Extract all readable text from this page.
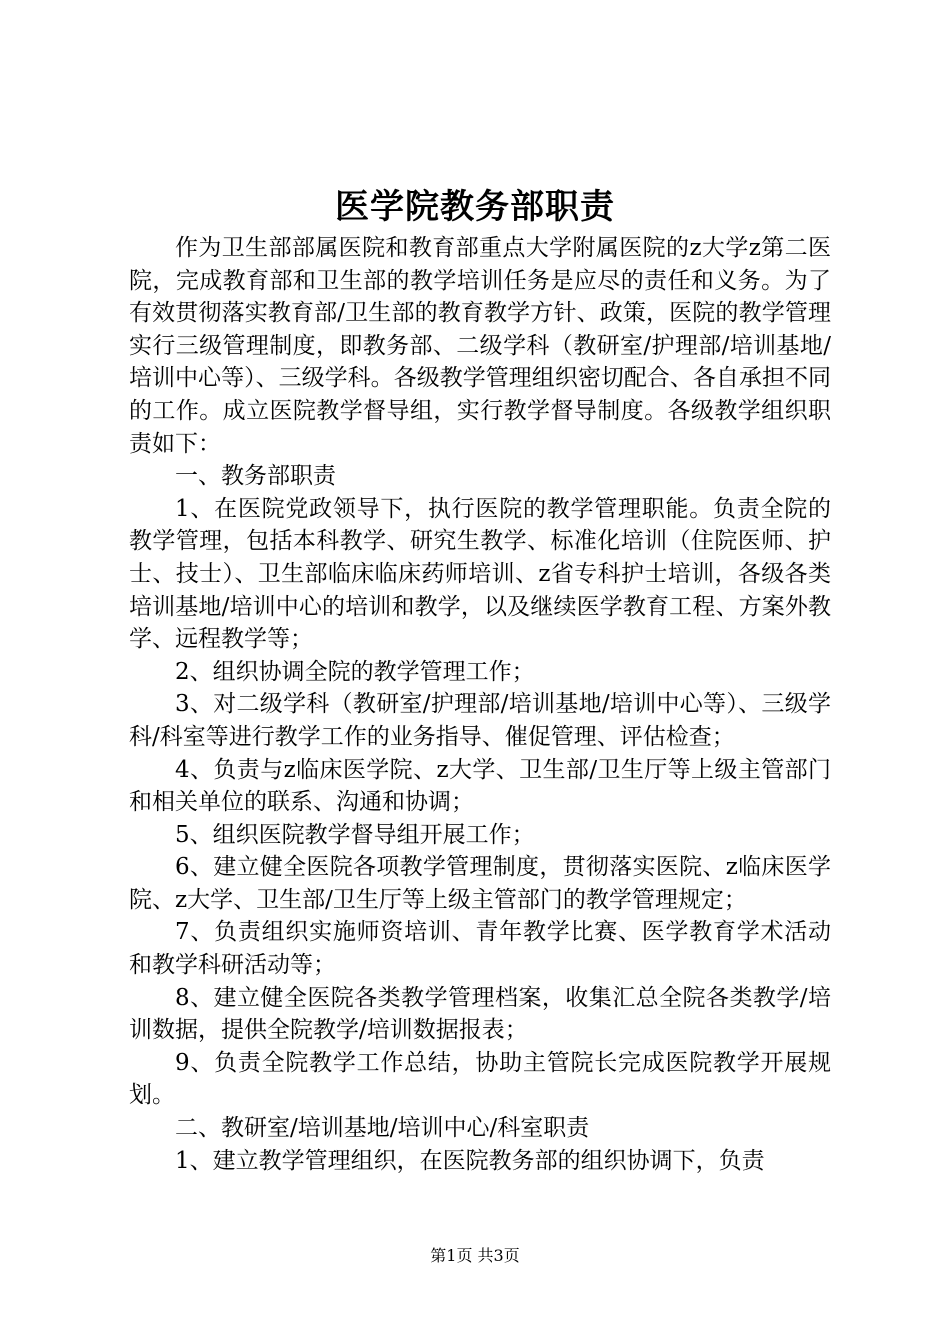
医学院教务部职责

作为卫生部部属医院和教育部重点大学附属医院的z大学z第二医院，完成教育部和卫生部的教学培训任务是应尽的责任和义务。为了有效贯彻落实教育部/卫生部的教育教学方针、政策，医院的教学管理实行三级管理制度，即教务部、二级学科（教研室/护理部/培训基地/培训中心等）、三级学科。各级教学管理组织密切配合、各自承担不同的工作。成立医院教学督导组，实行教学督导制度。各级教学组织职责如下：

一、教务部职责

1、在医院党政领导下，执行医院的教学管理职能。负责全院的教学管理，包括本科教学、研究生教学、标准化培训（住院医师、护士、技士）、卫生部临床临床药师培训、z省专科护士培训，各级各类培训基地/培训中心的培训和教学，以及继续医学教育工程、方案外教学、远程教学等；

2、组织协调全院的教学管理工作；

3、对二级学科（教研室/护理部/培训基地/培训中心等）、三级学科/科室等进行教学工作的业务指导、催促管理、评估检查；

4、负责与z临床医学院、z大学、卫生部/卫生厅等上级主管部门和相关单位的联系、沟通和协调；

5、组织医院教学督导组开展工作；

6、建立健全医院各项教学管理制度，贯彻落实医院、z临床医学院、z大学、卫生部/卫生厅等上级主管部门的教学管理规定；

7、负责组织实施师资培训、青年教学比赛、医学教育学术活动和教学科研活动等；

8、建立健全医院各类教学管理档案，收集汇总全院各类教学/培训数据，提供全院教学/培训数据报表；

9、负责全院教学工作总结，协助主管院长完成医院教学开展规划。

二、教研室/培训基地/培训中心/科室职责

1、建立教学管理组织，在医院教务部的组织协调下，负责

第1页 共3页
